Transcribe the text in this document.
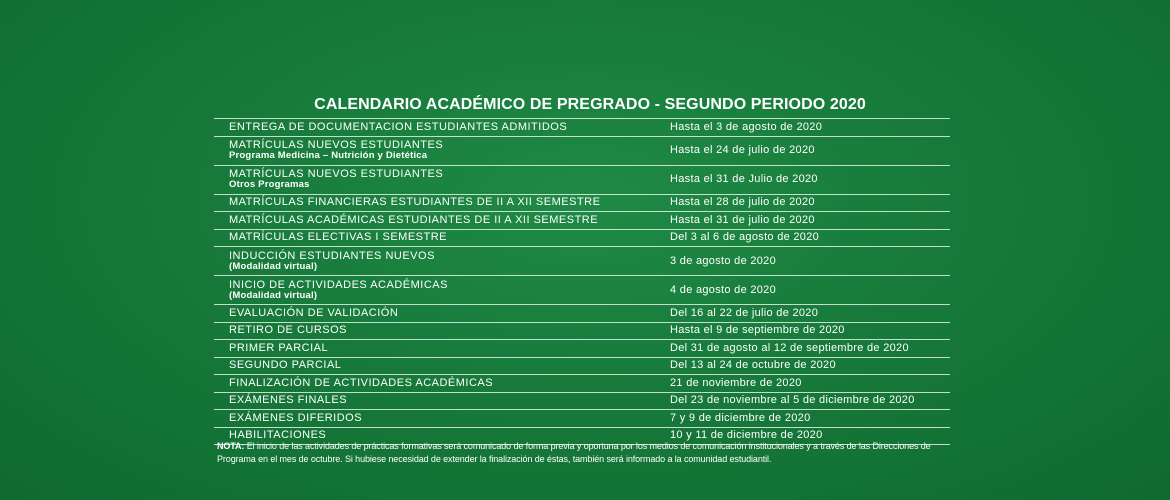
CALENDARIO ACADÉMICO DE PREGRADO - SEGUNDO PERIODO 2020
ENTREGA DE DOCUMENTACION ESTUDIANTES ADMITIDOS	Hasta el 3 de agosto de 2020
MATRÍCULAS NUEVOS ESTUDIANTES
Programa Medicina – Nutrición y Dietética	Hasta el 24 de julio de 2020
MATRÍCULAS NUEVOS ESTUDIANTES
Otros Programas	Hasta el 31 de Julio de 2020
MATRÍCULAS FINANCIERAS ESTUDIANTES DE II A XII SEMESTRE	Hasta el 28 de julio de 2020
MATRÍCULAS ACADÉMICAS ESTUDIANTES DE II A XII SEMESTRE	Hasta el 31 de julio de 2020
MATRÍCULAS ELECTIVAS I SEMESTRE	Del 3 al 6 de agosto de 2020
INDUCCIÓN ESTUDIANTES NUEVOS
(Modalidad virtual)	3 de agosto de 2020
INICIO DE ACTIVIDADES ACADÉMICAS
(Modalidad virtual)	4 de agosto de 2020
EVALUACIÓN DE VALIDACIÓN	Del 16 al 22 de julio de 2020
RETIRO DE CURSOS	Hasta el 9 de septiembre de 2020
PRIMER PARCIAL	Del 31 de agosto al 12 de septiembre de 2020
SEGUNDO PARCIAL	Del 13 al 24 de octubre de 2020
FINALIZACIÓN DE ACTIVIDADES ACADÉMICAS	21 de noviembre de 2020
EXÁMENES FINALES	Del 23 de noviembre al 5 de diciembre de 2020
EXÁMENES DIFERIDOS	7 y 9 de diciembre de 2020
HABILITACIONES	10 y 11 de diciembre de 2020
NOTA: El inicio de las actividades de prácticas formativas será comunicado de forma previa y oportuna por los medios de comunicación institucionales y a través de las Direcciones de Programa en el mes de octubre. Si hubiese necesidad de extender la finalización de éstas, también será informado a la comunidad estudiantil.
